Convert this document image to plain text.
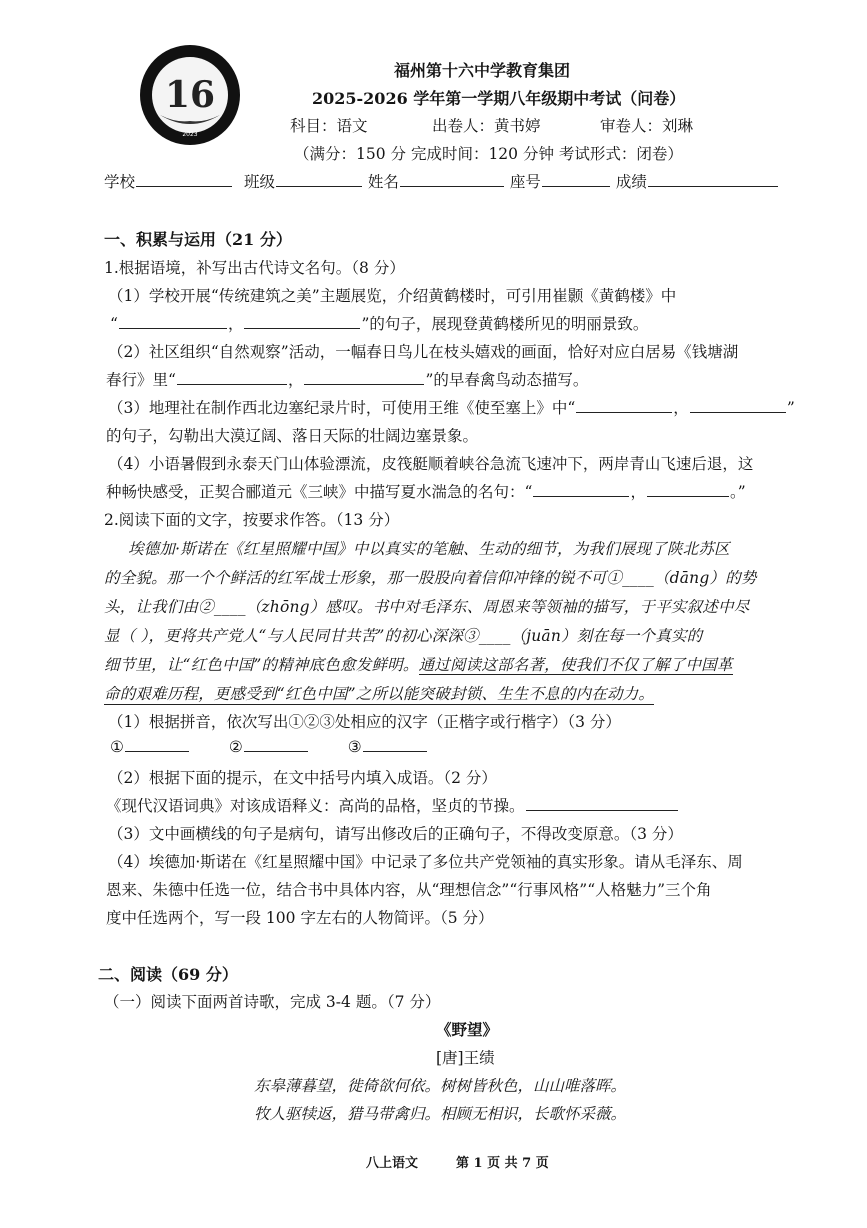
16
2023
福州第十六中学教育集团
2025-2026 学年第一学期八年级期中考试（问卷）
科目：语文	出卷人：黄书婷	审卷人：刘琳
（满分：150 分 完成时间：120 分钟 考试形式：闭卷）
学校	班级	姓名	座号	成绩
一、积累与运用（21 分）
1.根据语境，补写出古代诗文名句。（8 分）
（1）学校开展“传统建筑之美”主题展览，介绍黄鹤楼时，可引用崔颢《黄鹤楼》中
“	，	”的句子，展现登黄鹤楼所见的明丽景致。
（2）社区组织“自然观察”活动，一幅春日鸟儿在枝头嬉戏的画面，恰好对应白居易《钱塘湖
春行》里“	，	”的早春禽鸟动态描写。
（3）地理社在制作西北边塞纪录片时，可使用王维《使至塞上》中“	，	”
的句子，勾勒出大漠辽阔、落日天际的壮阔边塞景象。
（4）小语暑假到永泰天门山体验漂流，皮筏艇顺着峡谷急流飞速冲下，两岸青山飞速后退，这
种畅快感受，正契合郦道元《三峡》中描写夏水湍急的名句：“	，	。”
2.阅读下面的文字，按要求作答。（13 分）
埃德加·斯诺在《红星照耀中国》中以真实的笔触、生动的细节，为我们展现了陕北苏区
的全貌。那一个个鲜活的红军战士形象，那一股股向着信仰冲锋的锐不可①____（dāng）的势
头，让我们由②____（zhōng）感叹。书中对毛泽东、周恩来等领袖的描写，于平实叙述中尽
显（ ），更将共产党人“与人民同甘共苦”的初心深深③____（juān）刻在每一个真实的
细节里，让“红色中国”的精神底色愈发鲜明。通过阅读这部名著，使我们不仅了解了中国革
命的艰难历程，更感受到“红色中国”之所以能突破封锁、生生不息的内在动力。
（1）根据拼音，依次写出①②③处相应的汉字（正楷字或行楷字）（3 分）
①	②	③
（2）根据下面的提示，在文中括号内填入成语。（2 分）
《现代汉语词典》对该成语释义：高尚的品格，坚贞的节操。
（3）文中画横线的句子是病句，请写出修改后的正确句子，不得改变原意。（3 分）
（4）埃德加·斯诺在《红星照耀中国》中记录了多位共产党领袖的真实形象。请从毛泽东、周
恩来、朱德中任选一位，结合书中具体内容，从“理想信念”“行事风格”“人格魅力”三个角
度中任选两个，写一段 100 字左右的人物简评。（5 分）
二、阅读（69 分）
（一）阅读下面两首诗歌，完成 3-4 题。（7 分）
《野望》
[唐]王绩
东皋薄暮望，徙倚欲何依。树树皆秋色，山山唯落晖。
牧人驱犊返，猎马带禽归。相顾无相识，长歌怀采薇。
八上语文	第 1 页 共 7 页
